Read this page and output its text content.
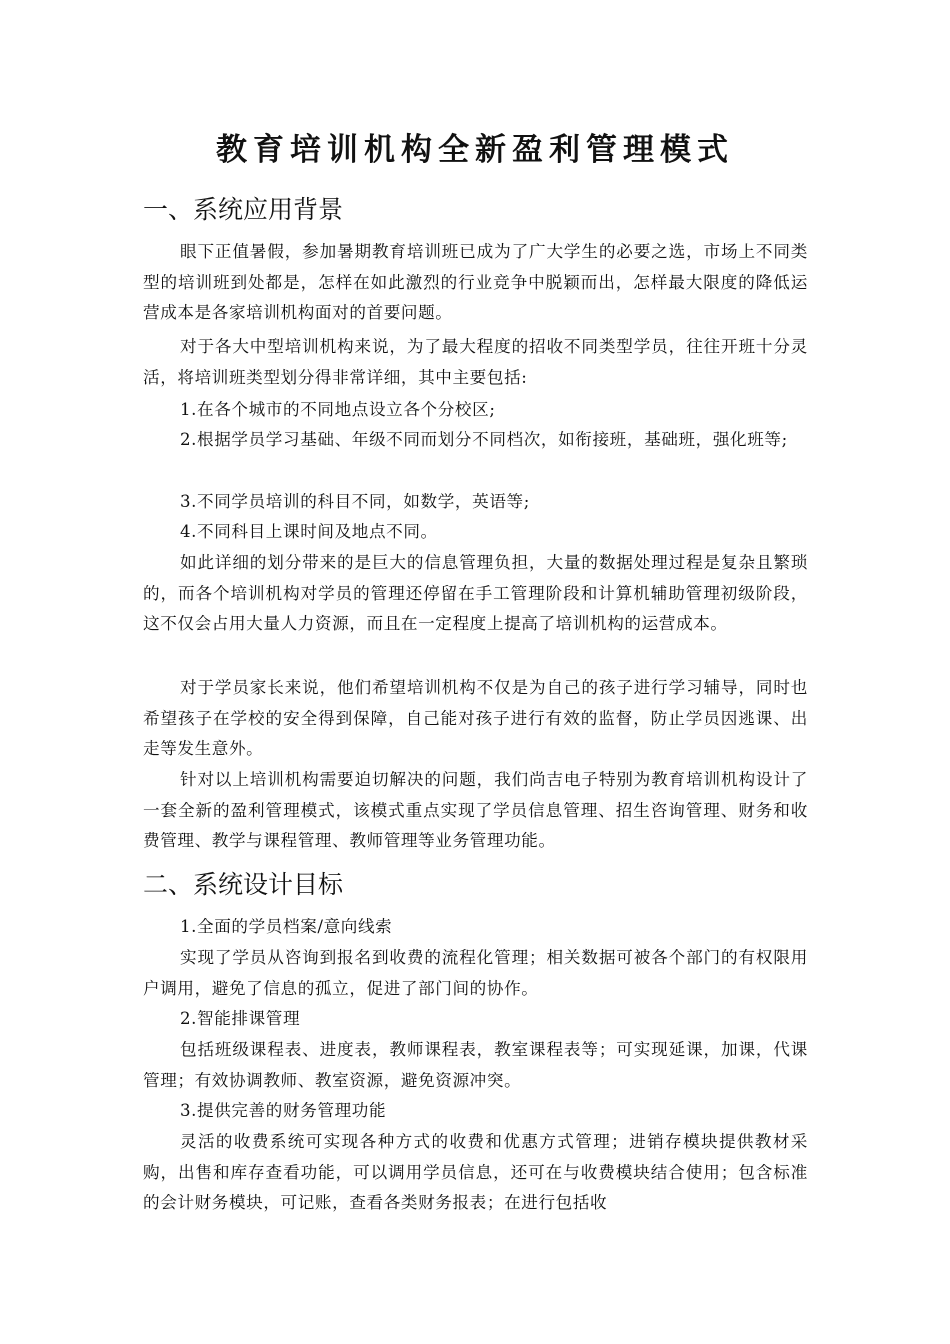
教育培训机构全新盈利管理模式
一、系统应用背景

眼下正值暑假，参加暑期教育培训班已成为了广大学生的必要之选，市场上不同类型的培训班到处都是，怎样在如此激烈的行业竞争中脱颖而出，怎样最大限度的降低运营成本是各家培训机构面对的首要问题。

对于各大中型培训机构来说，为了最大程度的招收不同类型学员，往往开班十分灵活，将培训班类型划分得非常详细，其中主要包括:

1.在各个城市的不同地点设立各个分校区;

2.根据学员学习基础、年级不同而划分不同档次，如衔接班，基础班，强化班等;

3.不同学员培训的科目不同，如数学，英语等;

4.不同科目上课时间及地点不同。

如此详细的划分带来的是巨大的信息管理负担，大量的数据处理过程是复杂且繁琐的，而各个培训机构对学员的管理还停留在手工管理阶段和计算机辅助管理初级阶段，这不仅会占用大量人力资源，而且在一定程度上提高了培训机构的运营成本。

对于学员家长来说，他们希望培训机构不仅是为自己的孩子进行学习辅导，同时也希望孩子在学校的安全得到保障，自己能对孩子进行有效的监督，防止学员因逃课、出走等发生意外。

针对以上培训机构需要迫切解决的问题，我们尚吉电子特别为教育培训机构设计了一套全新的盈利管理模式，该模式重点实现了学员信息管理、招生咨询管理、财务和收费管理、教学与课程管理、教师管理等业务管理功能。

二、系统设计目标

1.全面的学员档案/意向线索

实现了学员从咨询到报名到收费的流程化管理；相关数据可被各个部门的有权限用户调用，避免了信息的孤立，促进了部门间的协作。

2.智能排课管理

包括班级课程表、进度表，教师课程表，教室课程表等；可实现延课，加课，代课管理；有效协调教师、教室资源，避免资源冲突。

3.提供完善的财务管理功能

灵活的收费系统可实现各种方式的收费和优惠方式管理；进销存模块提供教材采购，出售和库存查看功能，可以调用学员信息，还可在与收费模块结合使用；包含标准的会计财务模块，可记账，查看各类财务报表；在进行包括收
